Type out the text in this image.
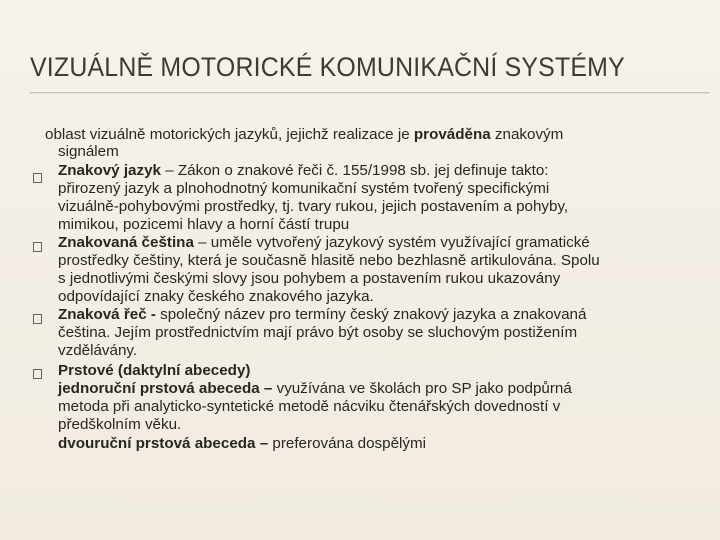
VIZUÁLNĚ MOTORICKÉ KOMUNIKAČNÍ SYSTÉMY
oblast vizuálně motorických jazyků, jejichž realizace je prováděna znakovým
signálem
Znakový jazyk – Zákon o znakové řeči č. 155/1998 sb. jej definuje takto:
přirozený jazyk a plnohodnotný komunikační systém tvořený specifickými
vizuálně-pohybovými prostředky, tj. tvary rukou, jejich postavením a pohyby,
mimikou, pozicemi hlavy a horní částí trupu
Znakovaná čeština – uměle vytvořený jazykový systém využívající gramatické
prostředky češtiny, která je současně hlasitě nebo bezhlasně artikulována. Spolu
s jednotlivými českými slovy jsou pohybem a postavením rukou ukazovány
odpovídající znaky českého znakového jazyka.
Znaková řeč - společný název pro termíny český znakový jazyka a znakovaná
čeština. Jejím prostřednictvím mají právo být osoby se sluchovým postižením
vzdělávány.
Prstové (daktylní abecedy)
jednoruční prstová abeceda – využívána ve školách pro SP jako podpůrná
metoda při analyticko-syntetické metodě nácviku čtenářských dovedností v
předškolním věku.
dvouruční prstová abeceda – preferována dospělými
